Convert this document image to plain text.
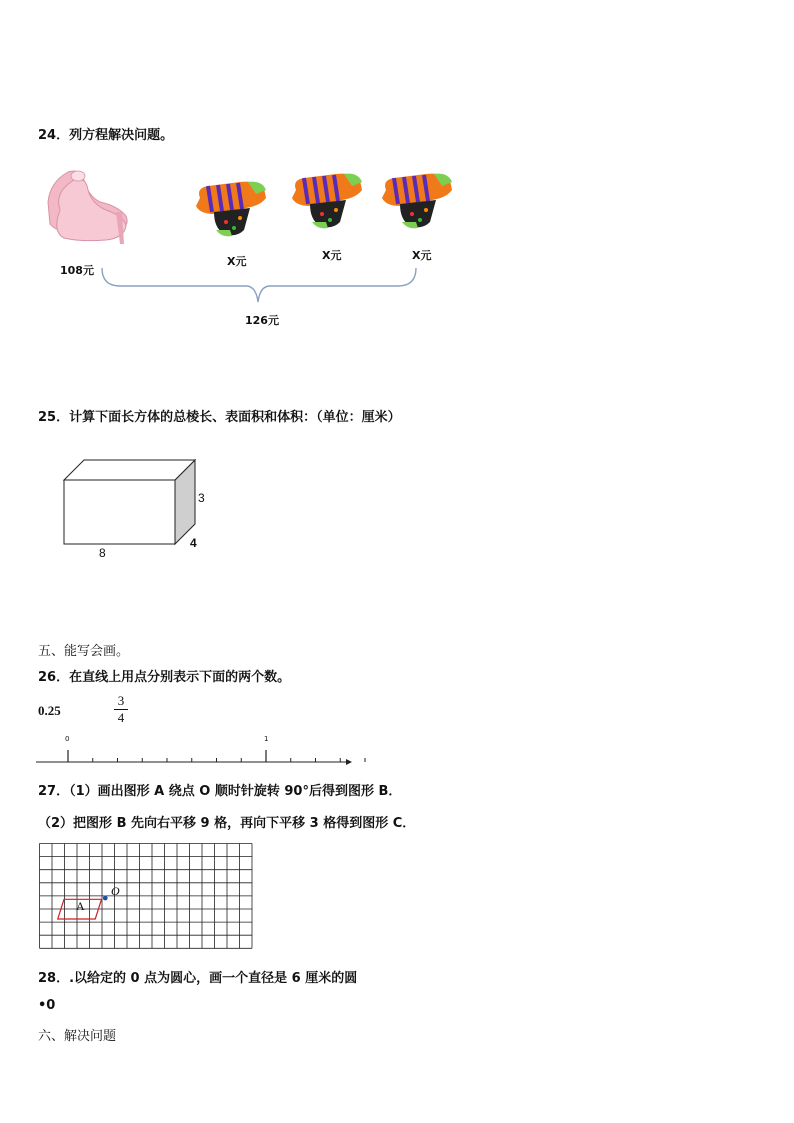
24．列方程解决问题。
108元
X元	X元	X元
126元
25．计算下面长方体的总棱长、表面积和体积：（单位：厘米）
3
4
8
五、能写会画。
26．在直线上用点分别表示下面的两个数。
0.25
3
4
0	1
27．（1）画出图形 A 绕点 O 顺时针旋转 90°后得到图形 B．
（2）把图形 B 先向右平移 9 格，再向下平移 3 格得到图形 C．
A
O
28．.以给定的 0 点为圆心，画一个直径是 6 厘米的圆
•0
六、解决问题
